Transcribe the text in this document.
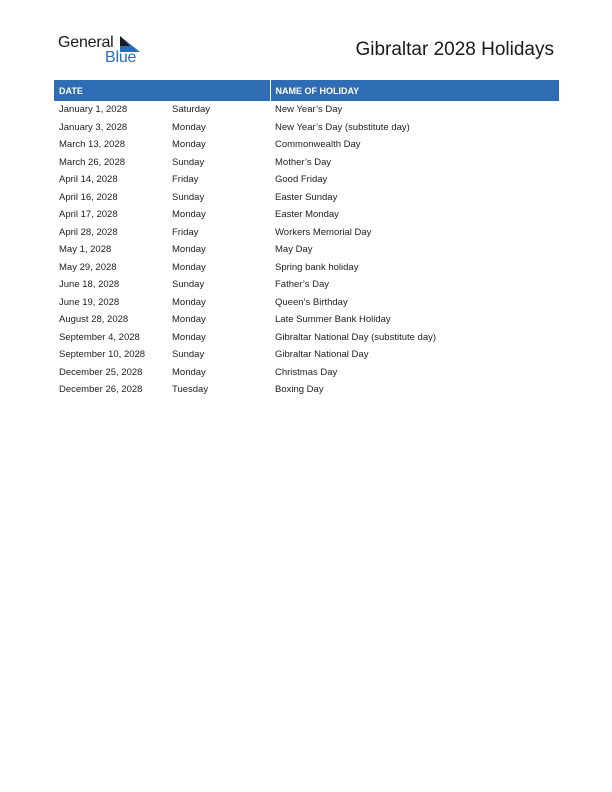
General
Blue	Gibraltar 2028 Holidays
DATE		NAME OF HOLIDAY
January 1, 2028	Saturday	New Year’s Day
January 3, 2028	Monday	New Year’s Day (substitute day)
March 13, 2028	Monday	Commonwealth Day
March 26, 2028	Sunday	Mother’s Day
April 14, 2028	Friday	Good Friday
April 16, 2028	Sunday	Easter Sunday
April 17, 2028	Monday	Easter Monday
April 28, 2028	Friday	Workers Memorial Day
May 1, 2028	Monday	May Day
May 29, 2028	Monday	Spring bank holiday
June 18, 2028	Sunday	Father’s Day
June 19, 2028	Monday	Queen’s Birthday
August 28, 2028	Monday	Late Summer Bank Holiday
September 4, 2028	Monday	Gibraltar National Day (substitute day)
September 10, 2028	Sunday	Gibraltar National Day
December 25, 2028	Monday	Christmas Day
December 26, 2028	Tuesday	Boxing Day
